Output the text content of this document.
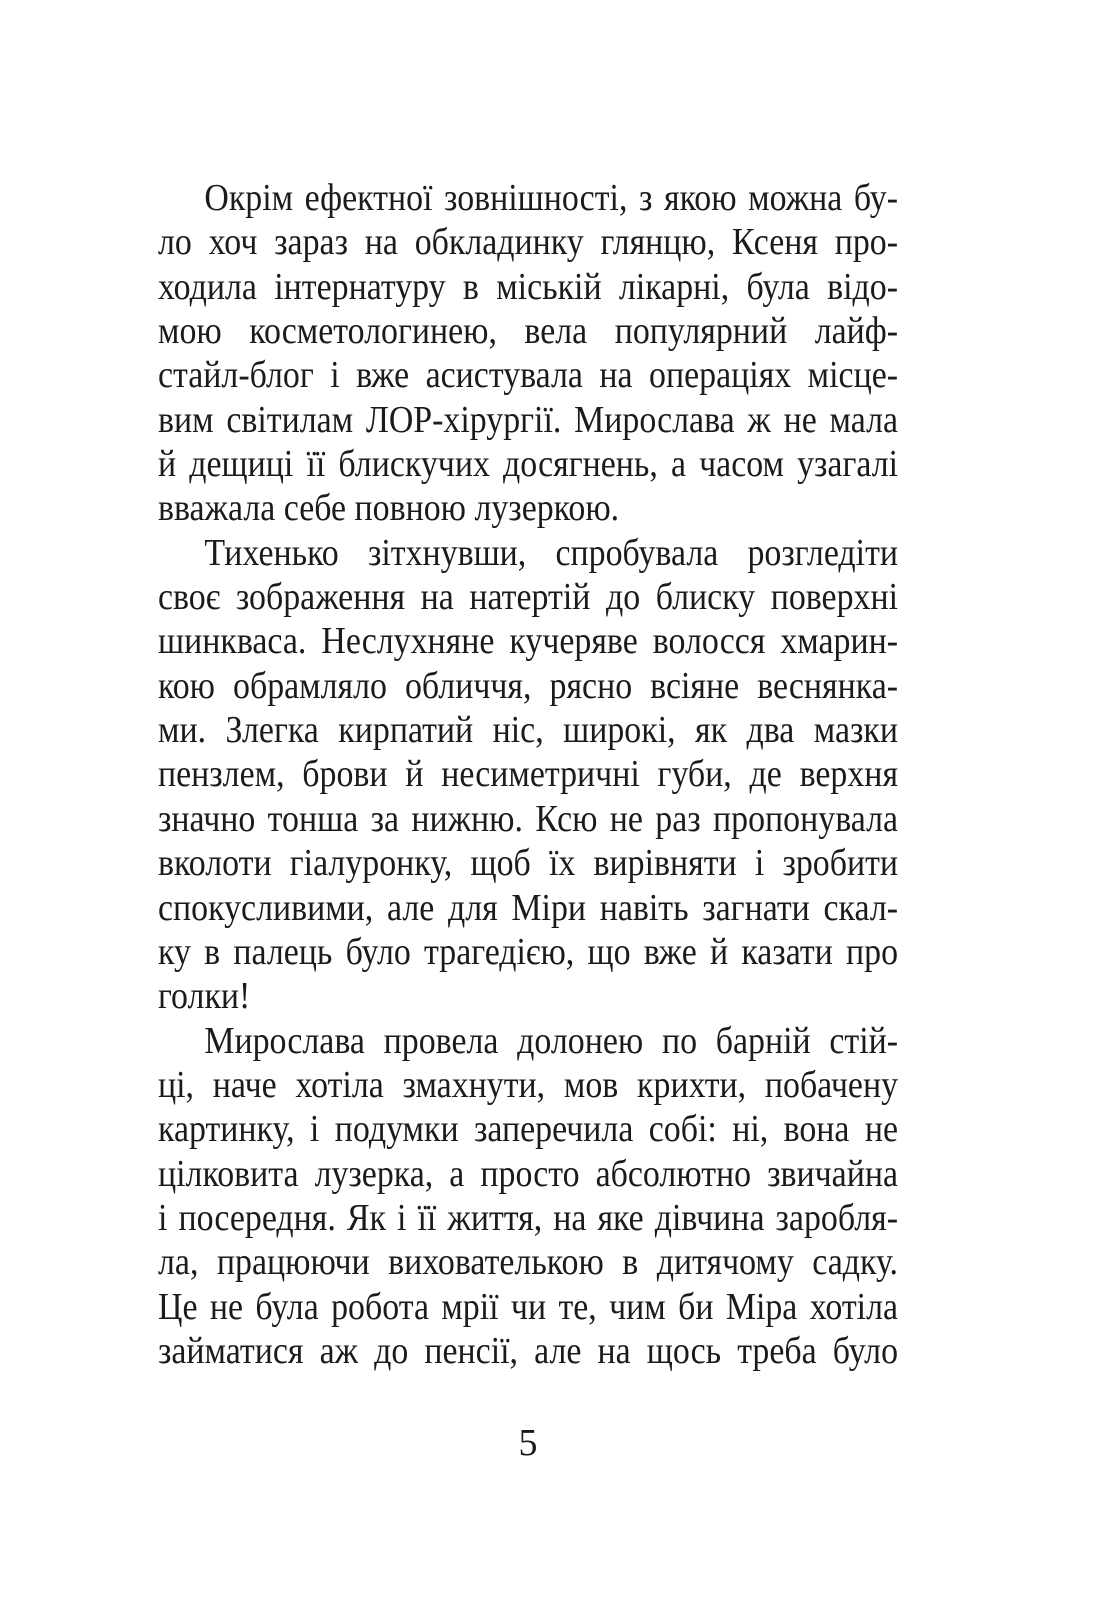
Окрім ефектної зовнішності, з якою можна бу-
ло хоч зараз на обкладинку глянцю, Ксеня про-
ходила інтернатуру в міській лікарні, була відо-
мою косметологинею, вела популярний лайф-
стайл-блог і вже асистувала на операціях місце-
вим світилам ЛОР-хірургії. Мирослава ж не мала
й дещиці її блискучих досягнень, а часом узагалі
вважала себе повною лузеркою.
Тихенько зітхнувши, спробувала розгледіти
своє зображення на натертій до блиску поверхні
шинкваса. Неслухняне кучеряве волосся хмарин-
кою обрамляло обличчя, рясно всіяне веснянка-
ми. Злегка кирпатий ніс, широкі, як два мазки
пензлем, брови й несиметричні губи, де верхня
значно тонша за нижню. Ксю не раз пропонувала
вколоти гіалуронку, щоб їх вирівняти і зробити
спокусливими, але для Міри навіть загнати скал-
ку в палець було трагедією, що вже й казати про
голки!
Мирослава провела долонею по барній стій-
ці, наче хотіла змахнути, мов крихти, побачену
картинку, і подумки заперечила собі: ні, вона не
цілковита лузерка, а просто абсолютно звичайна
і посередня. Як і її життя, на яке дівчина заробля-
ла, працюючи вихователькою в дитячому садку.
Це не була робота мрії чи те, чим би Міра хотіла
займатися аж до пенсії, але на щось треба було
5
